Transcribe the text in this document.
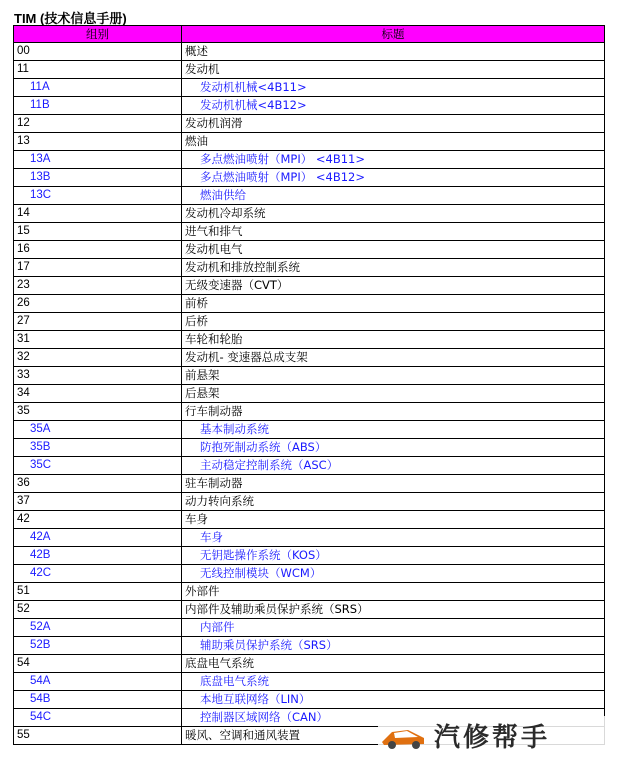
TIM (技术信息手册)
组别	标题
00	概述
11	发动机
11A	发动机机械<4B11>
11B	发动机机械<4B12>
12	发动机润滑
13	燃油
13A	多点燃油喷射（MPI） <4B11>
13B	多点燃油喷射（MPI） <4B12>
13C	燃油供给
14	发动机冷却系统
15	进气和排气
16	发动机电气
17	发动机和排放控制系统
23	无级变速器（CVT）
26	前桥
27	后桥
31	车轮和轮胎
32	发动机- 变速器总成支架
33	前悬架
34	后悬架
35	行车制动器
35A	基本制动系统
35B	防抱死制动系统（ABS）
35C	主动稳定控制系统（ASC）
36	驻车制动器
37	动力转向系统
42	车身
42A	车身
42B	无钥匙操作系统（KOS）
42C	无线控制模块（WCM）
51	外部件
52	内部件及辅助乘员保护系统（SRS）
52A	内部件
52B	辅助乘员保护系统（SRS）
54	底盘电气系统
54A	底盘电气系统
54B	本地互联网络（LIN）
54C	控制器区域网络（CAN）
55	暖风、空调和通风装置	汽修帮手
